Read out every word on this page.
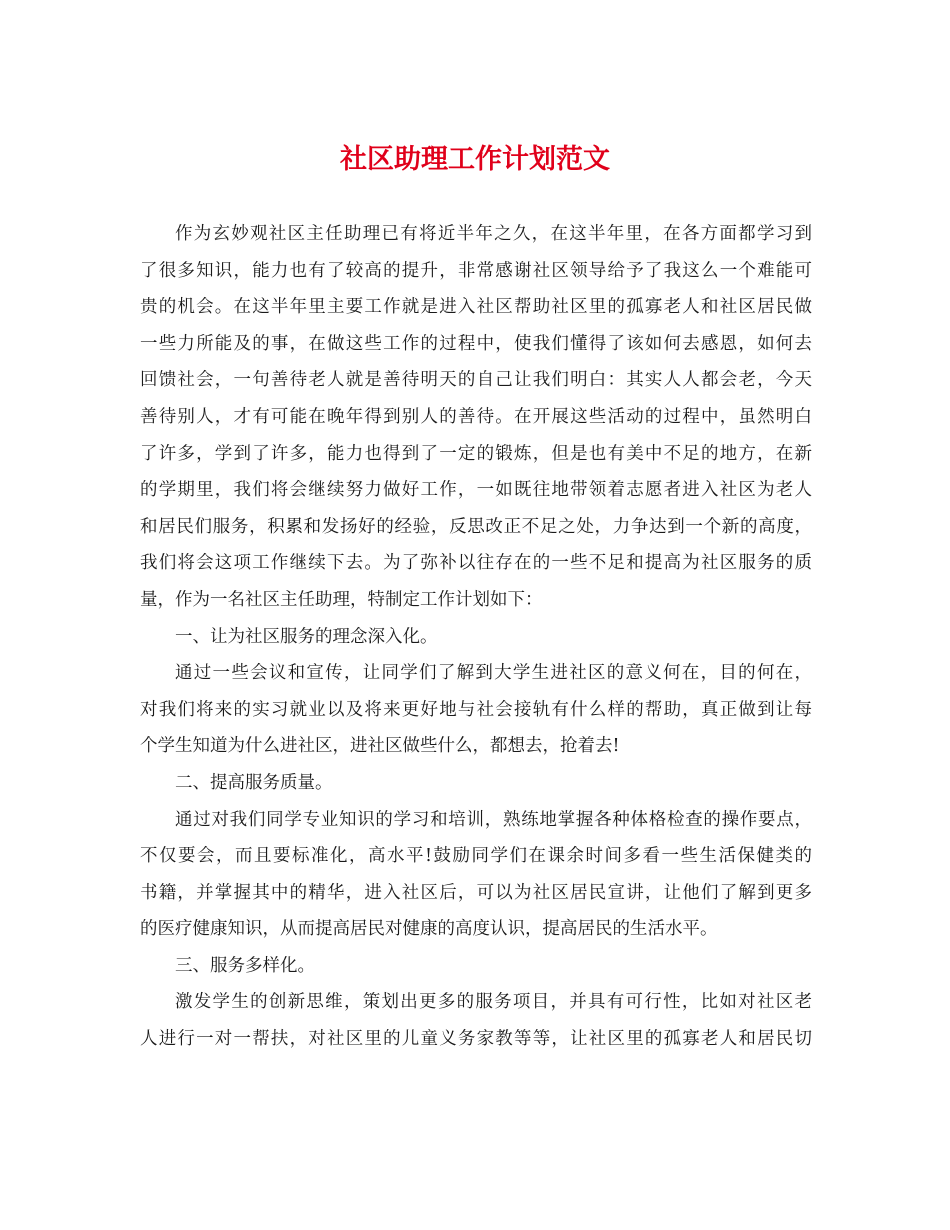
社区助理工作计划范文
作为玄妙观社区主任助理已有将近半年之久，在这半年里，在各方面都学习到
了很多知识，能力也有了较高的提升，非常感谢社区领导给予了我这么一个难能可
贵的机会。在这半年里主要工作就是进入社区帮助社区里的孤寡老人和社区居民做
一些力所能及的事，在做这些工作的过程中，使我们懂得了该如何去感恩，如何去
回馈社会，一句善待老人就是善待明天的自己让我们明白：其实人人都会老，今天
善待别人，才有可能在晚年得到别人的善待。在开展这些活动的过程中，虽然明白
了许多，学到了许多，能力也得到了一定的锻炼，但是也有美中不足的地方，在新
的学期里，我们将会继续努力做好工作，一如既往地带领着志愿者进入社区为老人
和居民们服务，积累和发扬好的经验，反思改正不足之处，力争达到一个新的高度，
我们将会这项工作继续下去。为了弥补以往存在的一些不足和提高为社区服务的质
量，作为一名社区主任助理，特制定工作计划如下：
一、让为社区服务的理念深入化。
通过一些会议和宣传，让同学们了解到大学生进社区的意义何在，目的何在，
对我们将来的实习就业以及将来更好地与社会接轨有什么样的帮助，真正做到让每
个学生知道为什么进社区，进社区做些什么，都想去，抢着去!
二、提高服务质量。
通过对我们同学专业知识的学习和培训，熟练地掌握各种体格检查的操作要点，
不仅要会，而且要标准化，高水平!鼓励同学们在课余时间多看一些生活保健类的
书籍，并掌握其中的精华，进入社区后，可以为社区居民宣讲，让他们了解到更多
的医疗健康知识，从而提高居民对健康的高度认识，提高居民的生活水平。
三、服务多样化。
激发学生的创新思维，策划出更多的服务项目，并具有可行性，比如对社区老
人进行一对一帮扶，对社区里的儿童义务家教等等，让社区里的孤寡老人和居民切
